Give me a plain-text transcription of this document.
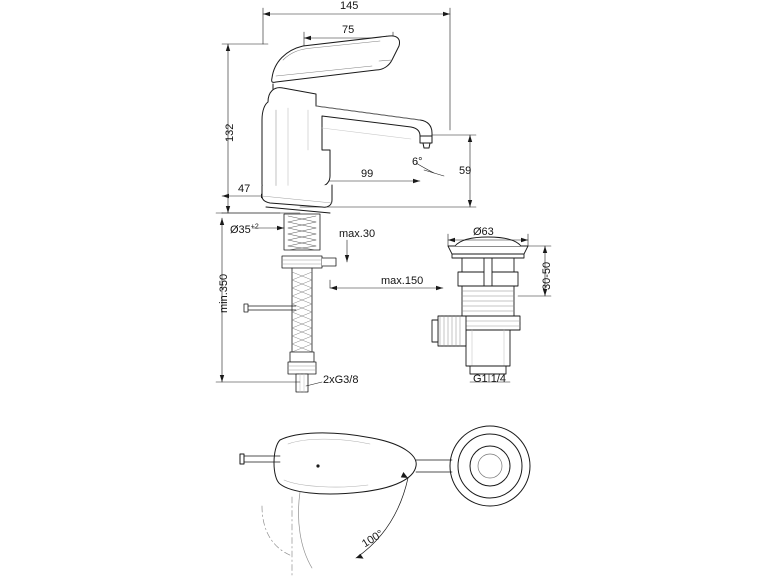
145
75
132
47
99	59
6°
$Ø35^{+2}$
max.30
min.350	max.150
2xG3/8
Ø63
30-50
G1 1/4
100°
